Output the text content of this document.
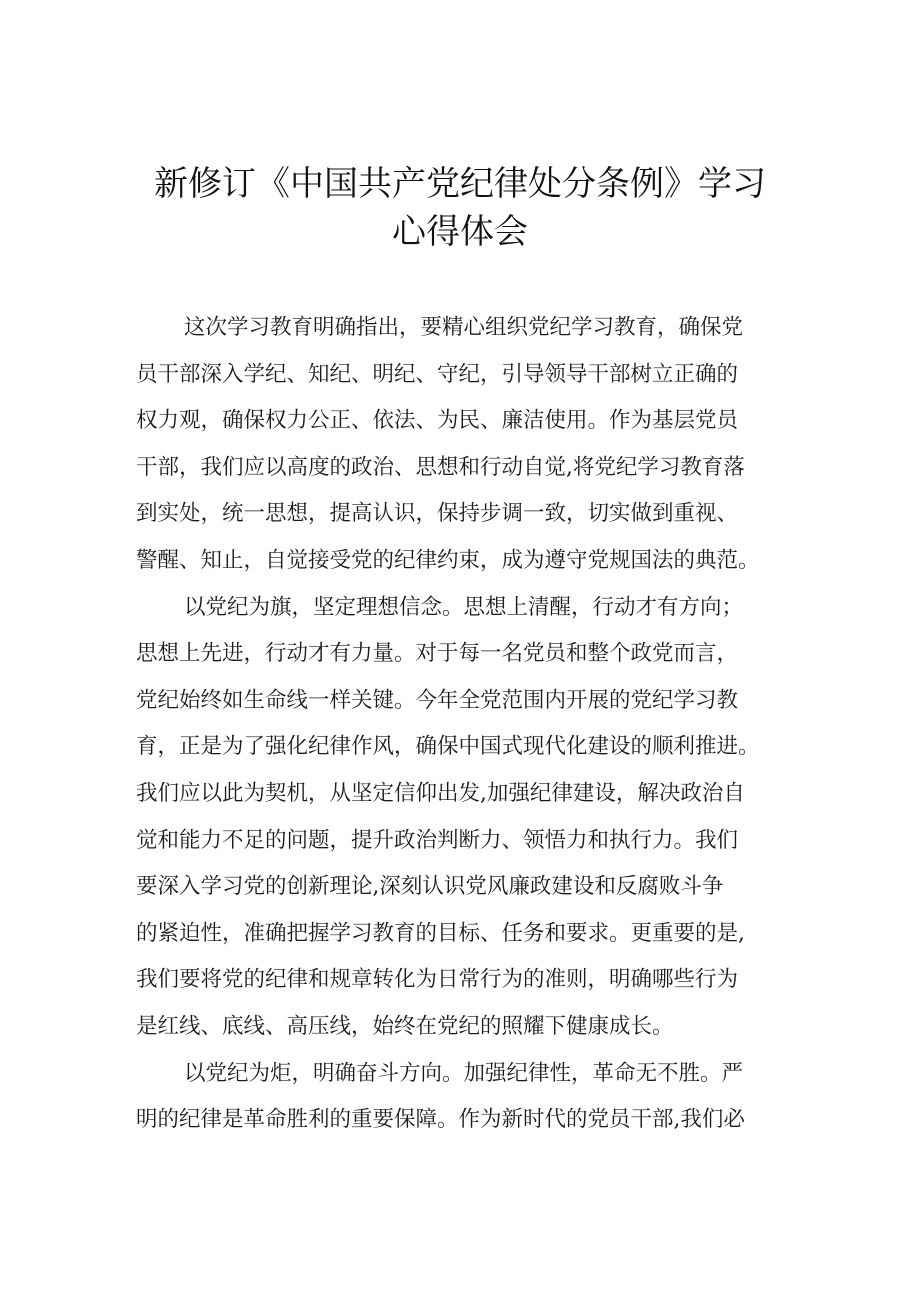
新修订《中国共产党纪律处分条例》学习
心得体会
这次学习教育明确指出，要精心组织党纪学习教育，确保党
员干部深入学纪、知纪、明纪、守纪，引导领导干部树立正确的
权力观，确保权力公正、依法、为民、廉洁使用。作为基层党员
干部，我们应以高度的政治、思想和行动自觉,将党纪学习教育落
到实处，统一思想，提高认识，保持步调一致，切实做到重视、
警醒、知止，自觉接受党的纪律约束，成为遵守党规国法的典范。
以党纪为旗，坚定理想信念。思想上清醒，行动才有方向；
思想上先进，行动才有力量。对于每一名党员和整个政党而言，
党纪始终如生命线一样关键。今年全党范围内开展的党纪学习教
育，正是为了强化纪律作风，确保中国式现代化建设的顺利推进。
我们应以此为契机，从坚定信仰出发,加强纪律建设，解决政治自
觉和能力不足的问题，提升政治判断力、领悟力和执行力。我们
要深入学习党的创新理论,深刻认识党风廉政建设和反腐败斗争
的紧迫性，准确把握学习教育的目标、任务和要求。更重要的是,
我们要将党的纪律和规章转化为日常行为的准则，明确哪些行为
是红线、底线、高压线，始终在党纪的照耀下健康成长。
以党纪为炬，明确奋斗方向。加强纪律性，革命无不胜。严
明的纪律是革命胜利的重要保障。作为新时代的党员干部,我们必
